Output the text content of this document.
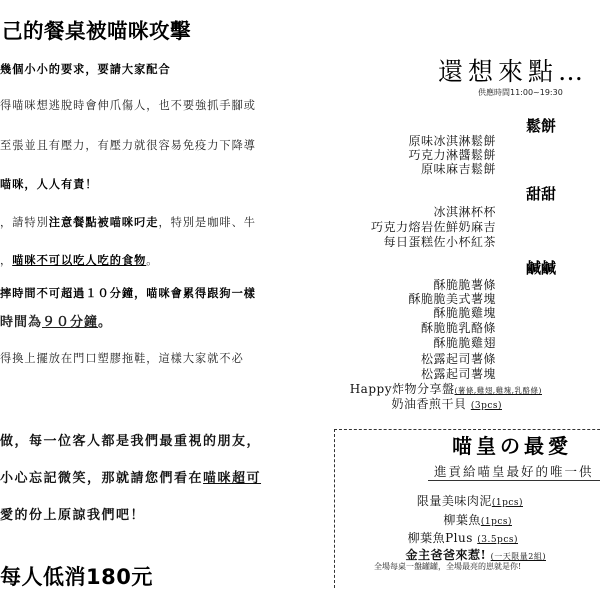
己的餐桌被喵咪攻擊
幾個小小的要求，要請大家配合
得喵咪想逃脫時會伸爪傷人，也不要強抓手腳或
至張並且有壓力，有壓力就很容易免疫力下降導
喵咪，人人有責！
，請特別注意餐點被喵咪叼走，特別是咖啡、牛
，喵咪不可以吃人吃的食物。
摔時間不可超過１０分鐘，喵咪會累得跟狗一樣
時間為９０分鐘。
得換上擺放在門口塑膠拖鞋，這樣大家就不必
做，每一位客人都是我們最重視的朋友，
小心忘記微笑，那就請您們看在喵咪超可
愛的份上原諒我們吧！
每人低消180元
還想來點…
供應時間11:00~19:30
鬆餅
原味冰淇淋鬆餅
巧克力淋醬鬆餅
原味麻吉鬆餅
甜甜
冰淇淋杯杯
巧克力熔岩佐鮮奶麻吉
每日蛋糕佐小杯紅茶
鹹鹹
酥脆脆薯條
酥脆脆美式薯塊
酥脆脆雞塊
酥脆脆乳酪條
酥脆脆雞翅
松露起司薯條
松露起司薯塊
Happy炸物分享盤(薯條,雞翅,雞塊,乳酪條)
奶油香煎干貝 (3pcs)
喵皇の最愛
進貢給喵皇最好的唯一供
限量美味肉泥(1pcs)
柳葉魚(1pcs)
柳葉魚Plus (3.5pcs)
金主爸爸來惹! (一天限量2組)
全場每桌一盤罐罐，全場最亮的崽就是你!
